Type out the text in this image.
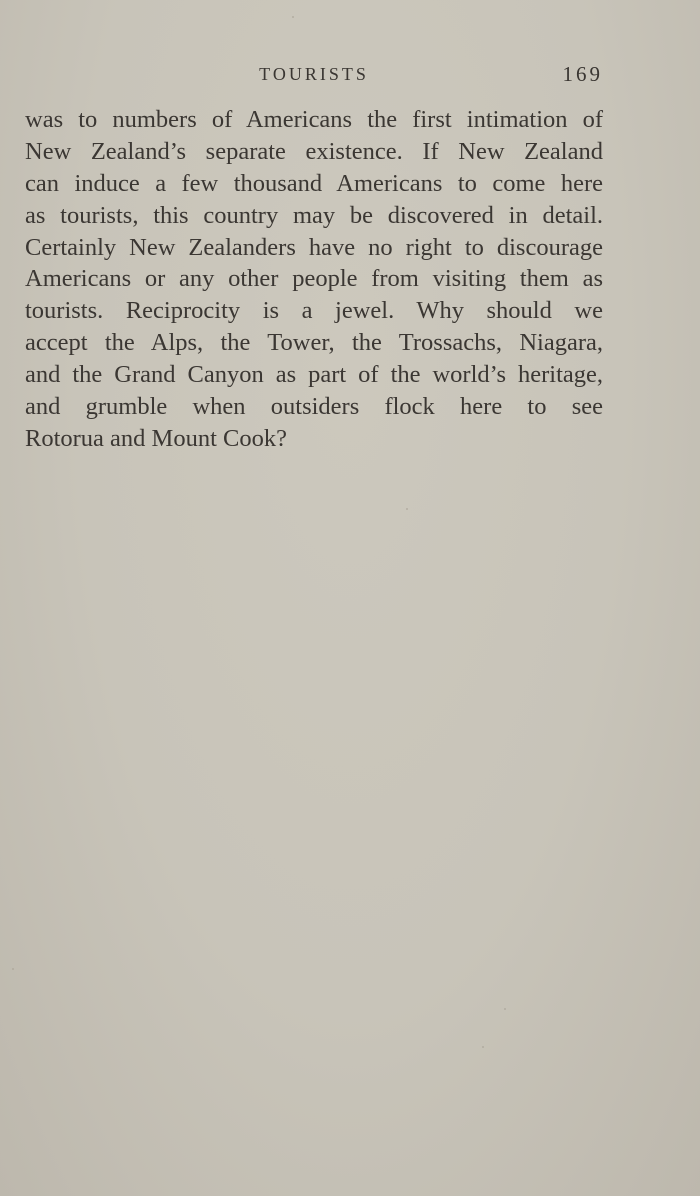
TOURISTS	169
was to numbers of Americans the first intimation of
New Zealand’s separate existence. If New Zealand
can induce a few thousand Americans to come here
as tourists, this country may be discovered in detail.
Certainly New Zealanders have no right to discourage
Americans or any other people from visiting them as
tourists. Reciprocity is a jewel. Why should we
accept the Alps, the Tower, the Trossachs, Niagara,
and the Grand Canyon as part of the world’s heritage,
and grumble when outsiders flock here to see
Rotorua and Mount Cook?
